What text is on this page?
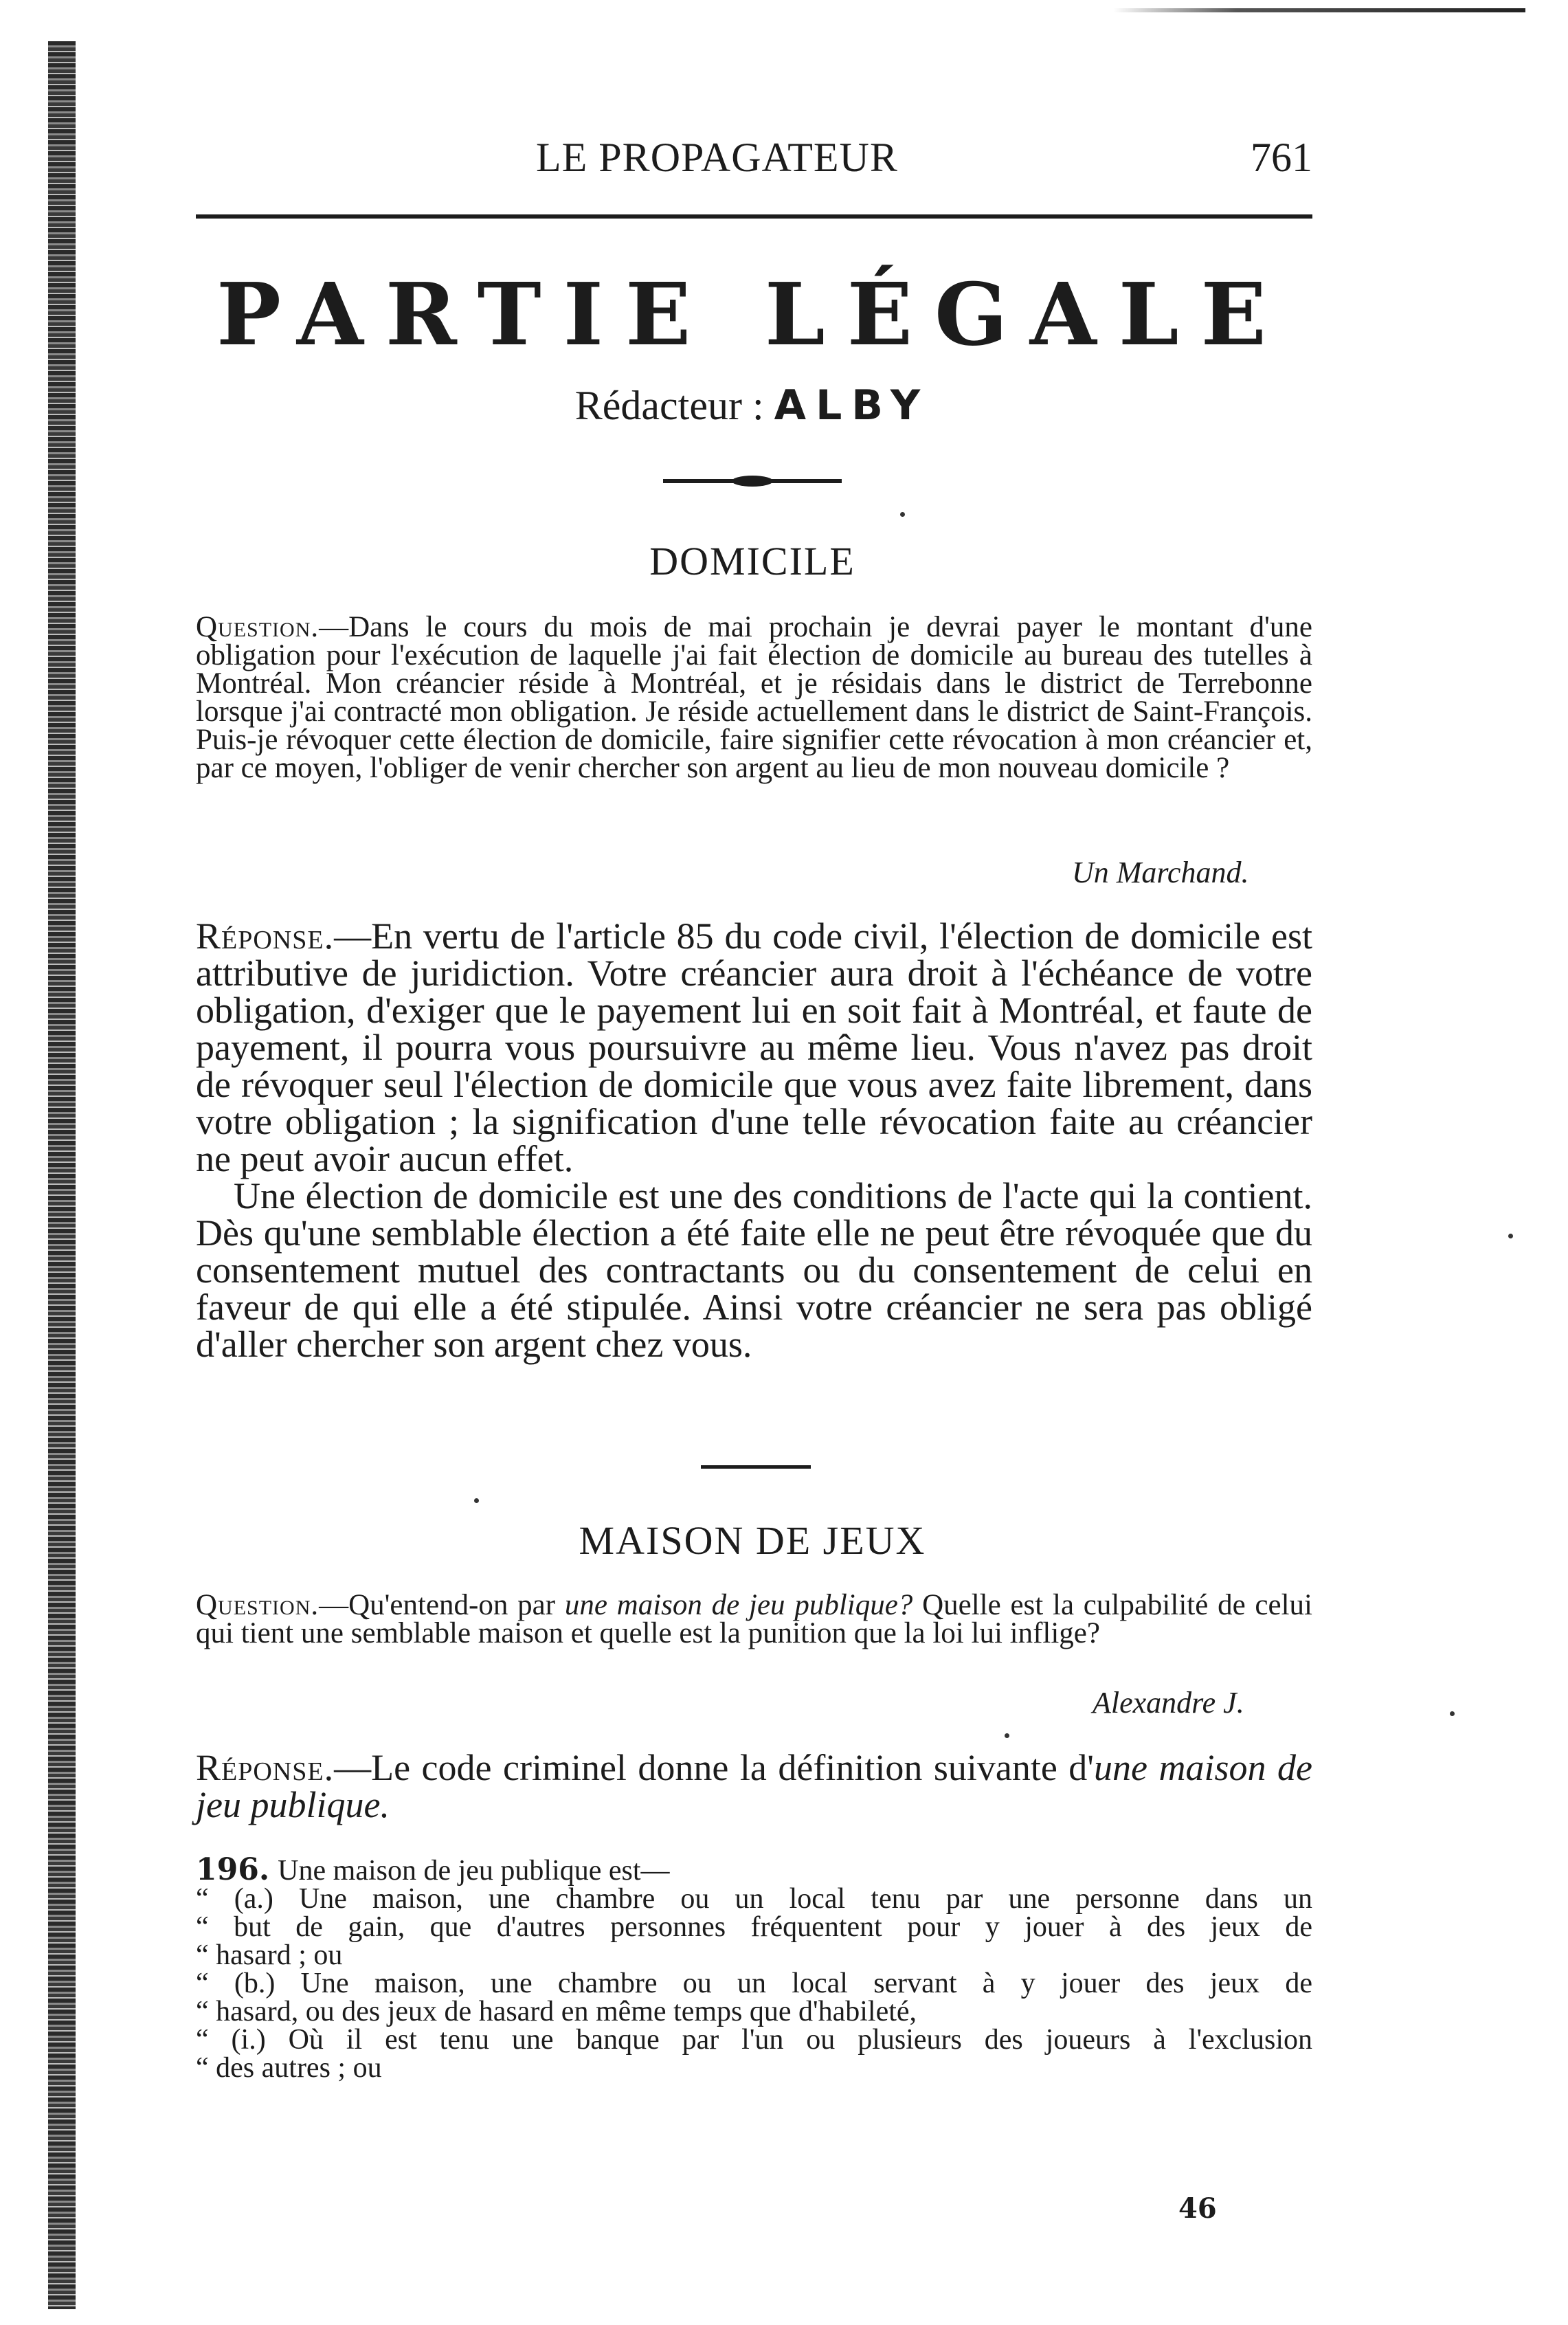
LE PROPAGATEUR	761
PARTIE LÉGALE
Rédacteur : ALBY
DOMICILE
Question.—Dans le cours du mois de mai prochain je devrai payer le montant d'une obligation pour l'exécution de laquelle j'ai fait élection de domicile au bureau des tutelles à Montréal. Mon créancier réside à Montréal, et je résidais dans le district de Terrebonne lorsque j'ai contracté mon obligation. Je réside actuellement dans le district de Saint-François. Puis-je révoquer cette élection de domicile, faire signifier cette révocation à mon créancier et, par ce moyen, l'obliger de venir chercher son argent au lieu de mon nouveau domicile ?
Un Marchand.

Réponse.—En vertu de l'article 85 du code civil, l'élection de domicile est attributive de juridiction. Votre créancier aura droit à l'échéance de votre obligation, d'exiger que le payement lui en soit fait à Montréal, et faute de payement, il pourra vous poursuivre au même lieu. Vous n'avez pas droit de révoquer seul l'élection de domicile que vous avez faite librement, dans votre obligation ; la signification d'une telle révocation faite au créancier ne peut avoir aucun effet.

Une élection de domicile est une des conditions de l'acte qui la contient. Dès qu'une semblable élection a été faite elle ne peut être révoquée que du consentement mutuel des contractants ou du consentement de celui en faveur de qui elle a été stipulée. Ainsi votre créancier ne sera pas obligé d'aller chercher son argent chez vous.

MAISON DE JEUX
Question.—Qu'entend-on par une maison de jeu publique? Quelle est la culpabilité de celui qui tient une semblable maison et quelle est la punition que la loi lui inflige?
Alexandre J.

Réponse.—Le code criminel donne la définition suivante d'une maison de jeu publique.

196. Une maison de jeu publique est—
“ (a.) Une maison, une chambre ou un local tenu par une personne dans un
“ but de gain, que d'autres personnes fréquentent pour y jouer à des jeux de
“ hasard ; ou
“ (b.) Une maison, une chambre ou un local servant à y jouer des jeux de
“ hasard, ou des jeux de hasard en même temps que d'habileté,
“ (i.) Où il est tenu une banque par l'un ou plusieurs des joueurs à l'exclusion
“ des autres ; ou
46
